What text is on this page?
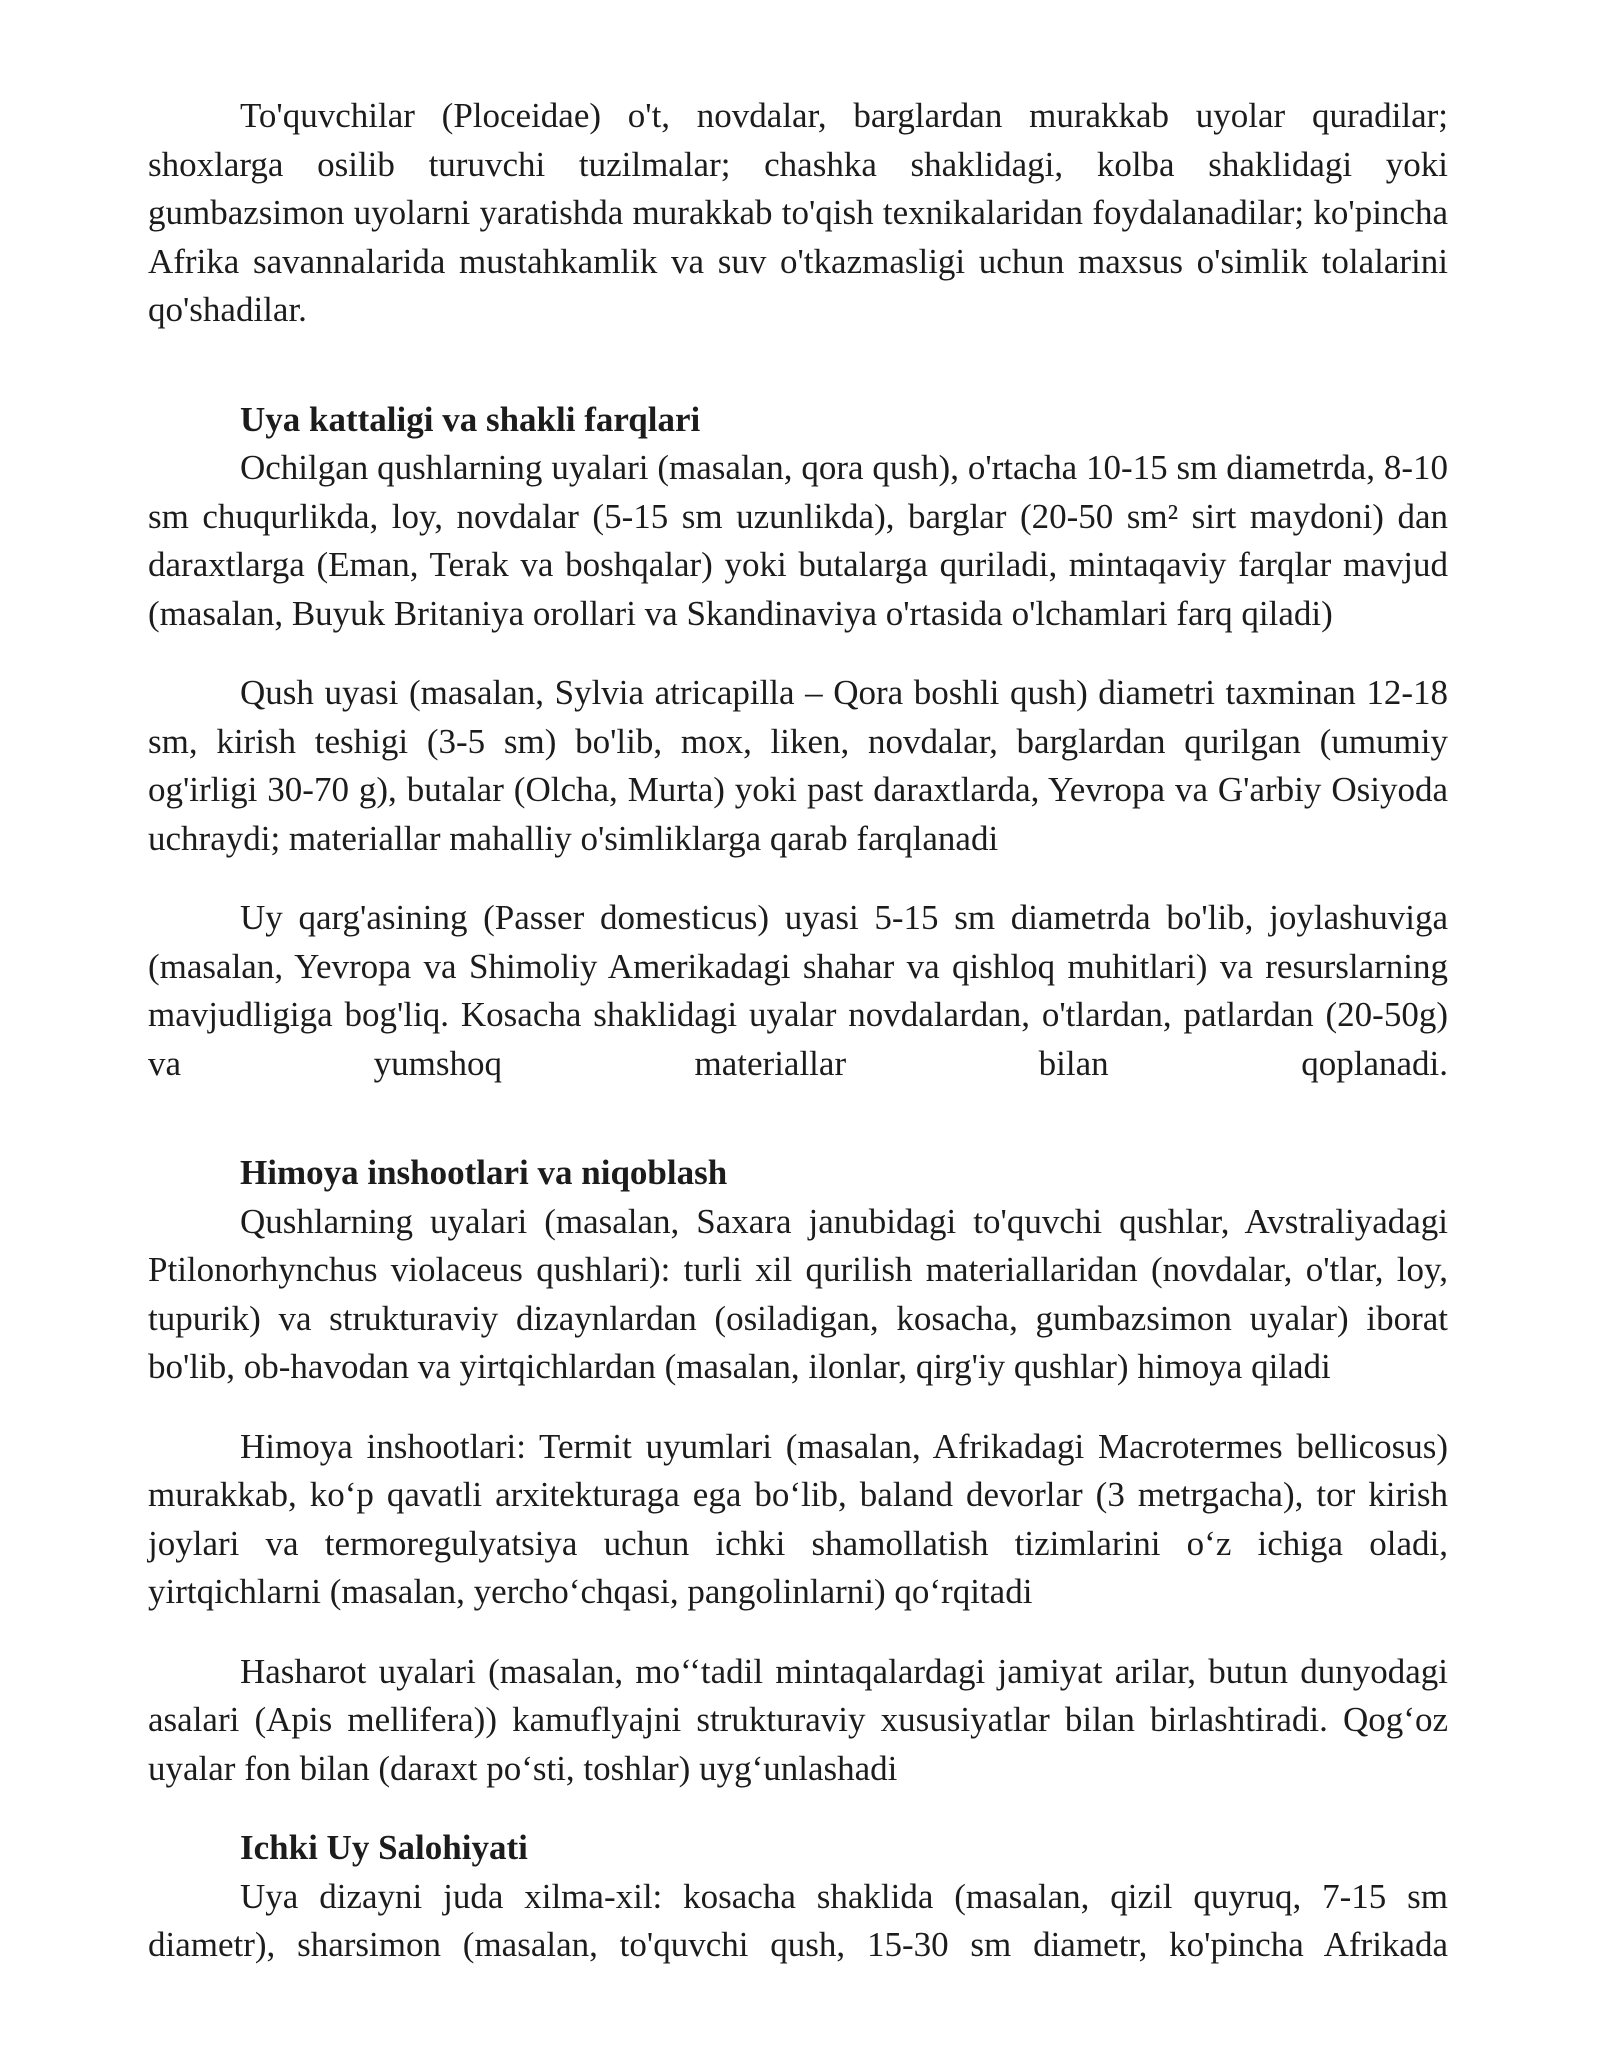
To'quvchilar (Ploceidae) o't, novdalar, barglardan murakkab uyolar quradilar; shoxlarga osilib turuvchi tuzilmalar; chashka shaklidagi, kolba shaklidagi yoki gumbazsimon uyolarni yaratishda murakkab to'qish texnikalaridan foydalanadilar; ko'pincha Afrika savannalarida mustahkamlik va suv o'tkazmasligi uchun maxsus o'simlik tolalarini qo'shadilar.

Uya kattaligi va shakli farqlari

Ochilgan qushlarning uyalari (masalan, qora qush), o'rtacha 10-15 sm diametrda, 8-10 sm chuqurlikda, loy, novdalar (5-15 sm uzunlikda), barglar (20-50 sm² sirt maydoni) dan daraxtlarga (Eman, Terak va boshqalar) yoki butalarga quriladi, mintaqaviy farqlar mavjud (masalan, Buyuk Britaniya orollari va Skandinaviya o'rtasida o'lchamlari farq qiladi)

Qush uyasi (masalan, Sylvia atricapilla – Qora boshli qush) diametri taxminan 12-18 sm, kirish teshigi (3-5 sm) bo'lib, mox, liken, novdalar, barglardan qurilgan (umumiy og'irligi 30-70 g), butalar (Olcha, Murta) yoki past daraxtlarda, Yevropa va G'arbiy Osiyoda uchraydi; materiallar mahalliy o'simliklarga qarab farqlanadi

Uy qarg'asining (Passer domesticus) uyasi 5-15 sm diametrda bo'lib, joylashuviga (masalan, Yevropa va Shimoliy Amerikadagi shahar va qishloq muhitlari) va resurslarning mavjudligiga bog'liq. Kosacha shaklidagi uyalar novdalardan, o'tlardan, patlardan (20-50g) va yumshoq materiallar bilan qoplanadi.

Himoya inshootlari va niqoblash

Qushlarning uyalari (masalan, Saxara janubidagi to'quvchi qushlar, Avstraliyadagi Ptilonorhynchus violaceus qushlari): turli xil qurilish materiallaridan (novdalar, o'tlar, loy, tupurik) va strukturaviy dizaynlardan (osiladigan, kosacha, gumbazsimon uyalar) iborat bo'lib, ob-havodan va yirtqichlardan (masalan, ilonlar, qirg'iy qushlar) himoya qiladi

Himoya inshootlari: Termit uyumlari (masalan, Afrikadagi Macrotermes bellicosus) murakkab, ko‘p qavatli arxitekturaga ega bo‘lib, baland devorlar (3 metrgacha), tor kirish joylari va termoregulyatsiya uchun ichki shamollatish tizimlarini o‘z ichiga oladi, yirtqichlarni (masalan, yercho‘chqasi, pangolinlarni) qo‘rqitadi

Hasharot uyalari (masalan, mo‘‘tadil mintaqalardagi jamiyat arilar, butun dunyodagi asalari (Apis mellifera)) kamuflyajni strukturaviy xususiyatlar bilan birlashtiradi. Qog‘oz uyalar fon bilan (daraxt po‘sti, toshlar) uyg‘unlashadi

Ichki Uy Salohiyati

Uya dizayni juda xilma-xil: kosacha shaklida (masalan, qizil quyruq, 7-15 sm diametr), sharsimon (masalan, to'quvchi qush, 15-30 sm diametr, ko'pincha Afrikada
